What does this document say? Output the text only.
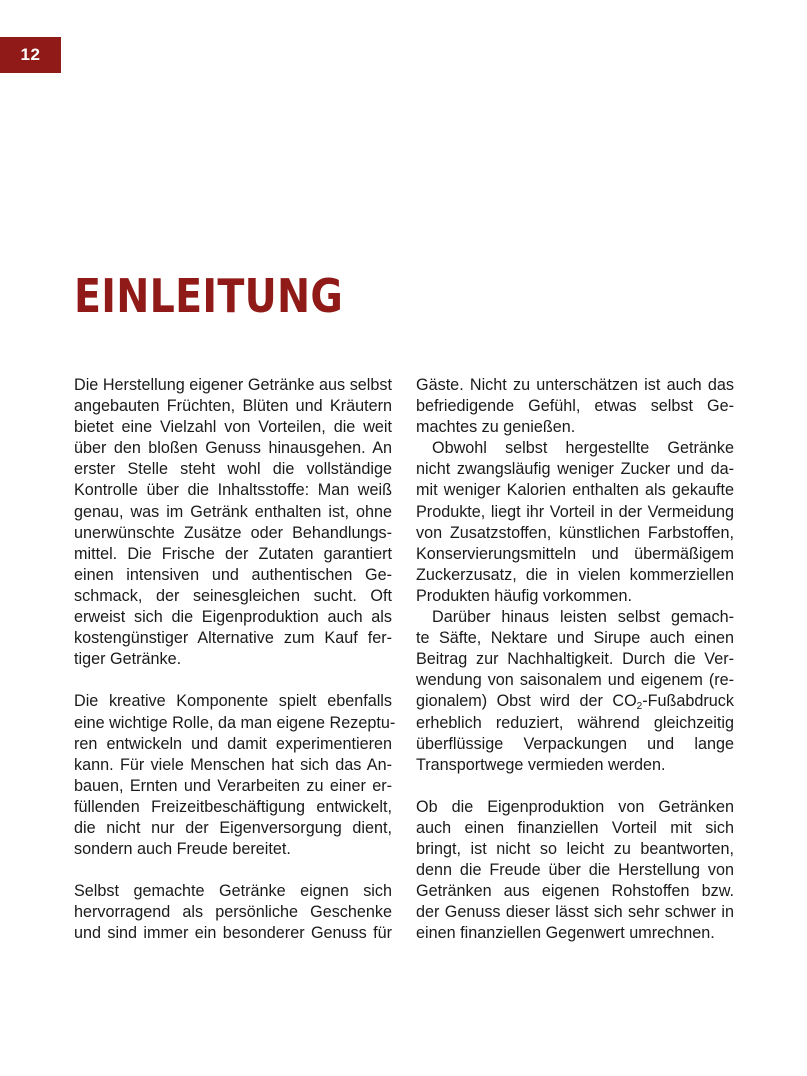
12
EINLEITUNG

Die Herstellung eigener Getränke aus selbst
angebauten Früchten, Blüten und Kräutern
bietet eine Vielzahl von Vorteilen, die weit
über den bloßen Genuss hinausgehen. An
erster Stelle steht wohl die vollständige
Kontrolle über die Inhaltsstoffe: Man weiß
genau, was im Getränk enthalten ist, ohne
unerwünschte Zusätze oder Behandlungs-
mittel. Die Frische der Zutaten garantiert
einen intensiven und authentischen Ge-
schmack, der seinesgleichen sucht. Oft
erweist sich die Eigenproduktion auch als
kostengünstiger Alternative zum Kauf fer-
tiger Getränke.

Die kreative Komponente spielt ebenfalls
eine wichtige Rolle, da man eigene Rezeptu-
ren entwickeln und damit experimentieren
kann. Für viele Menschen hat sich das An-
bauen, Ernten und Verarbeiten zu einer er-
füllenden Freizeitbeschäftigung entwickelt,
die nicht nur der Eigenversorgung dient,
sondern auch Freude bereitet.

Selbst gemachte Getränke eignen sich
hervorragend als persönliche Geschenke
und sind immer ein besonderer Genuss für

Gäste. Nicht zu unterschätzen ist auch das
befriedigende Gefühl, etwas selbst Ge-
machtes zu genießen.

Obwohl selbst hergestellte Getränke
nicht zwangsläufig weniger Zucker und da-
mit weniger Kalorien enthalten als gekaufte
Produkte, liegt ihr Vorteil in der Vermeidung
von Zusatzstoffen, künstlichen Farbstoffen,
Konservierungsmitteln und übermäßigem
Zuckerzusatz, die in vielen kommerziellen
Produkten häufig vorkommen.

Darüber hinaus leisten selbst gemach-
te Säfte, Nektare und Sirupe auch einen
Beitrag zur Nachhaltigkeit. Durch die Ver-
wendung von saisonalem und eigenem (re-
gionalem) Obst wird der $CO_2$-Fußabdruck
erheblich reduziert, während gleichzeitig
überflüssige Verpackungen und lange
Transportwege vermieden werden.

Ob die Eigenproduktion von Getränken
auch einen finanziellen Vorteil mit sich
bringt, ist nicht so leicht zu beantworten,
denn die Freude über die Herstellung von
Getränken aus eigenen Rohstoffen bzw.
der Genuss dieser lässt sich sehr schwer in
einen finanziellen Gegenwert umrechnen.
